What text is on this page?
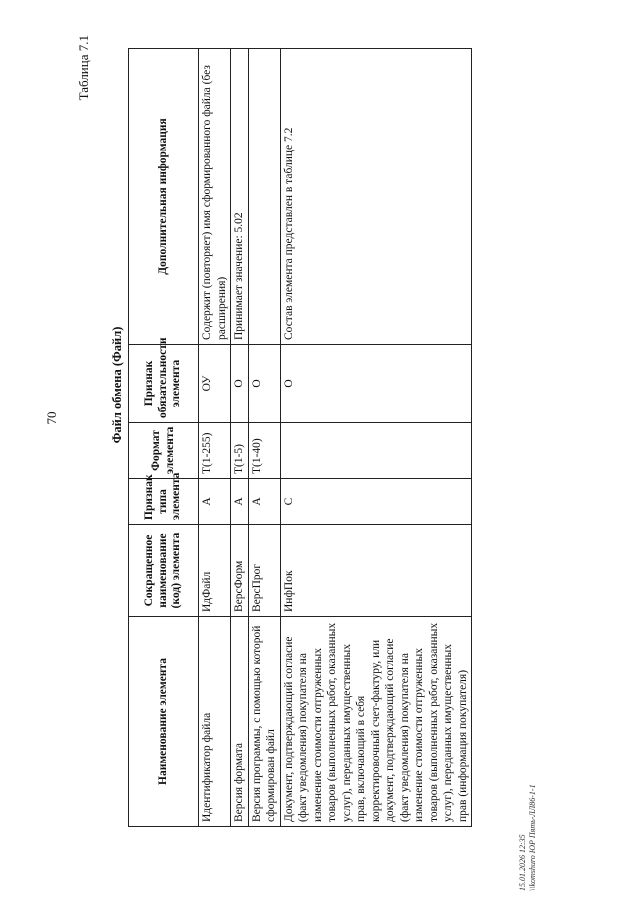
70
Таблица 7.1
Файл обмена (Файл)
Наименование элемента	Сокращенное наименование (код) элемента	Признак типа элемента	Формат элемента	Признак обязательности элемента	Дополнительная информация
Идентификатор файла	ИдФайл	А	Т(1-255)	ОУ	Содержит (повторяет) имя сформированного файла (без расширения)
Версия формата	ВерсФорм	А	Т(1-5)	О	Принимает значение: 5.02
Версия программы, с помощью которой сформирован файл	ВерсПрог	А	Т(1-40)	О	
Документ, подтверждающий согласие (факт уведомления) покупателя на изменение стоимости отгруженных товаров (выполненных работ, оказанных услуг), переданных имущественных прав, включающий в себя корректировочный счет-фактуру, или документ, подтверждающий согласие (факт уведомления) покупателя на изменение стоимости отгруженных товаров (выполненных работ, оказанных услуг), переданных имущественных прав (информация покупателя)	ИнфПок	С		О	Состав элемента представлен в таблице 7.2
15.01.2026 12:35 \\komshuro ЮР Пять-ЛЛ86-1-1
